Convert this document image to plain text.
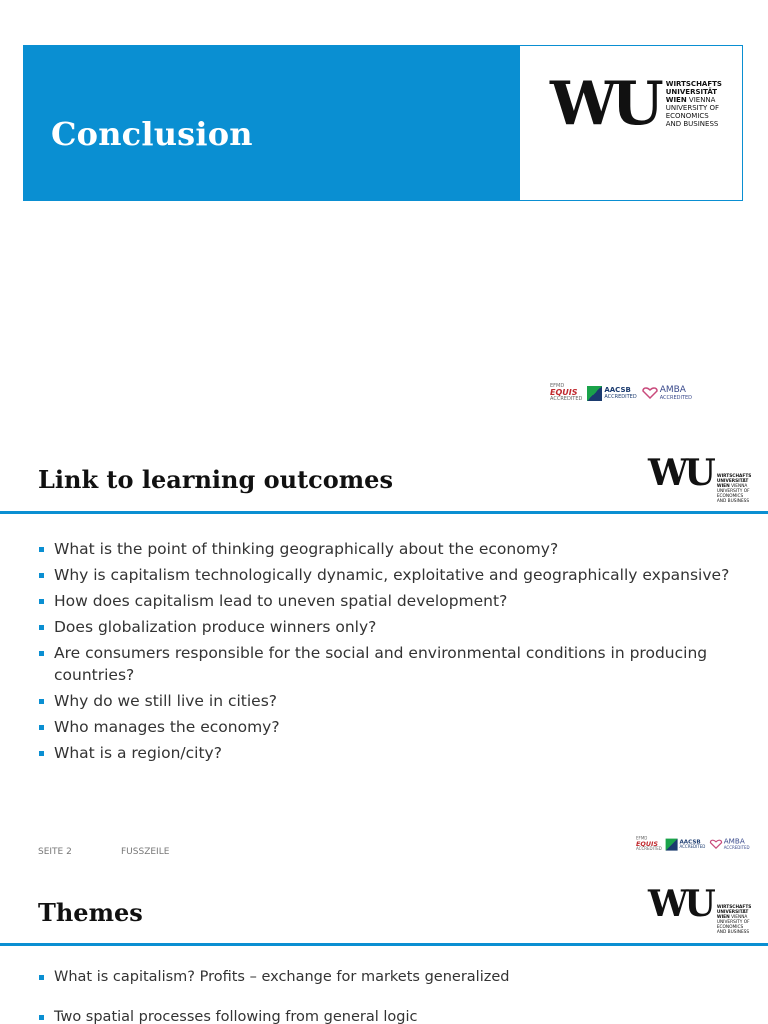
Conclusion	WU WIRTSCHAFTS
UNIVERSITÄT
WIEN VIENNA
UNIVERSITY OF
ECONOMICS
AND BUSINESS
EFMD
EQUIS
ACCREDITED
AACSB
ACCREDITED
AMBA
ACCREDITED
Link to learning outcomes	WU WIRTSCHAFTS
UNIVERSITÄT
WIEN VIENNA
UNIVERSITY OF
ECONOMICS
AND BUSINESS
What is the point of thinking geographically about the economy?
Why is capitalism technologically dynamic, exploitative and geographically expansive?
How does capitalism lead to uneven spatial development?
Does globalization produce winners only?
Are consumers responsible for the social and environmental conditions in producing countries?
Why do we still live in cities?
Who manages the economy?
What is a region/city?
SEITE 2	FUSSZEILE
EFMD
EQUIS
ACCREDITED
AACSB
ACCREDITED
AMBA
ACCREDITED
Themes	WU WIRTSCHAFTS
UNIVERSITÄT
WIEN VIENNA
UNIVERSITY OF
ECONOMICS
AND BUSINESS
What is capitalism? Profits – exchange for markets generalized
Two spatial processes following from general logic
